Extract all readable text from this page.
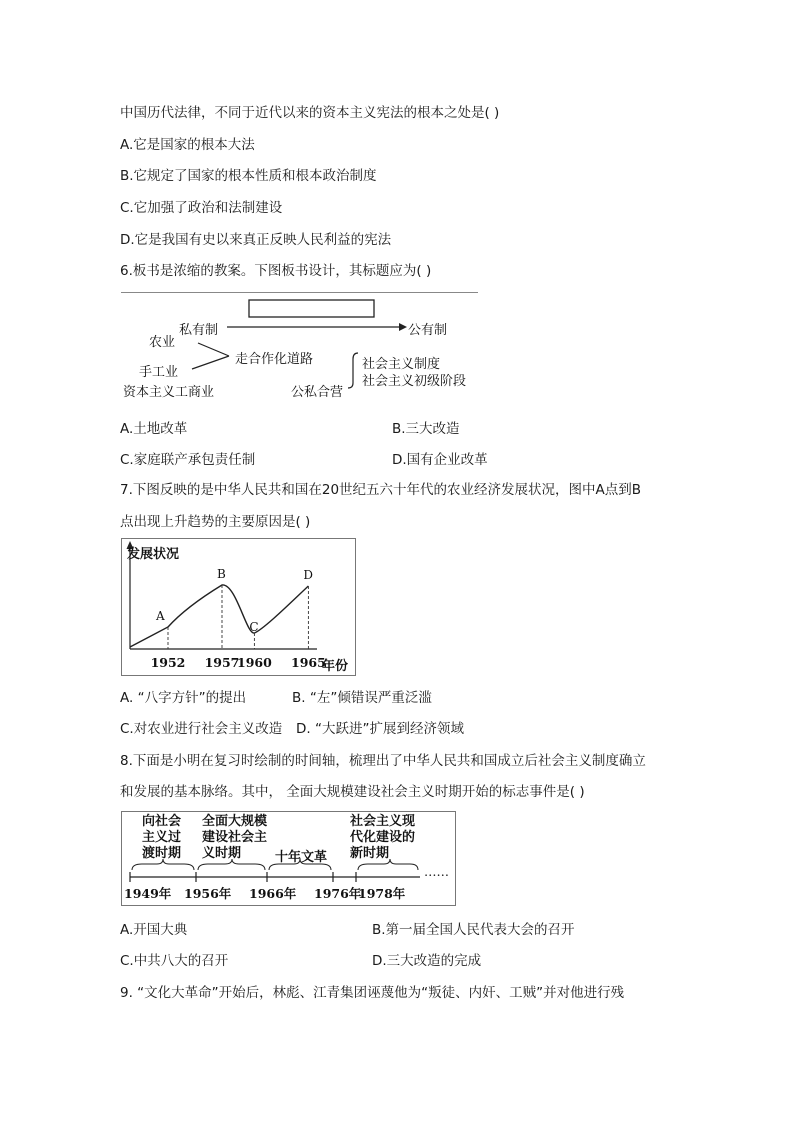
中国历代法律，不同于近代以来的资本主义宪法的根本之处是( )
A.它是国家的根本大法
B.它规定了国家的根本性质和根本政治制度
C.它加强了政治和法制建设
D.它是我国有史以来真正反映人民利益的宪法
6.板书是浓缩的教案。下图板书设计，其标题应为( )
私有制	公有制
农业
手工业
资本主义工商业
走合作化道路
公私合营
社会主义制度
社会主义初级阶段
A.土地改革	B.三大改造
C.家庭联产承包责任制	D.国有企业改革
7.下图反映的是中华人民共和国在20世纪五六十年代的农业经济发展状况，图中A点到B
点出现上升趋势的主要原因是( )
A
1952
B
1957
C
1960
D
1965
发展状况
年份
A. “八字方针”的提出	B. “左”倾错误严重泛滥
C.对农业进行社会主义改造 D. “大跃进”扩展到经济领域
8.下面是小明在复习时绘制的时间轴，梳理出了中华人民共和国成立后社会主义制度确立
和发展的基本脉络。其中， 全面大规模建设社会主义时期开始的标志事件是( )
向社会
主义过
渡时期
全面大规模
建设社会主
义时期	十年文革
社会主义现
代化建设的
新时期
1949年 1956年 1966年 1976年
1978年
……
A.开国大典	B.第一届全国人民代表大会的召开
C.中共八大的召开	D.三大改造的完成
9. “文化大革命”开始后，林彪、江青集团诬蔑他为“叛徒、内奸、工贼”并对他进行残
